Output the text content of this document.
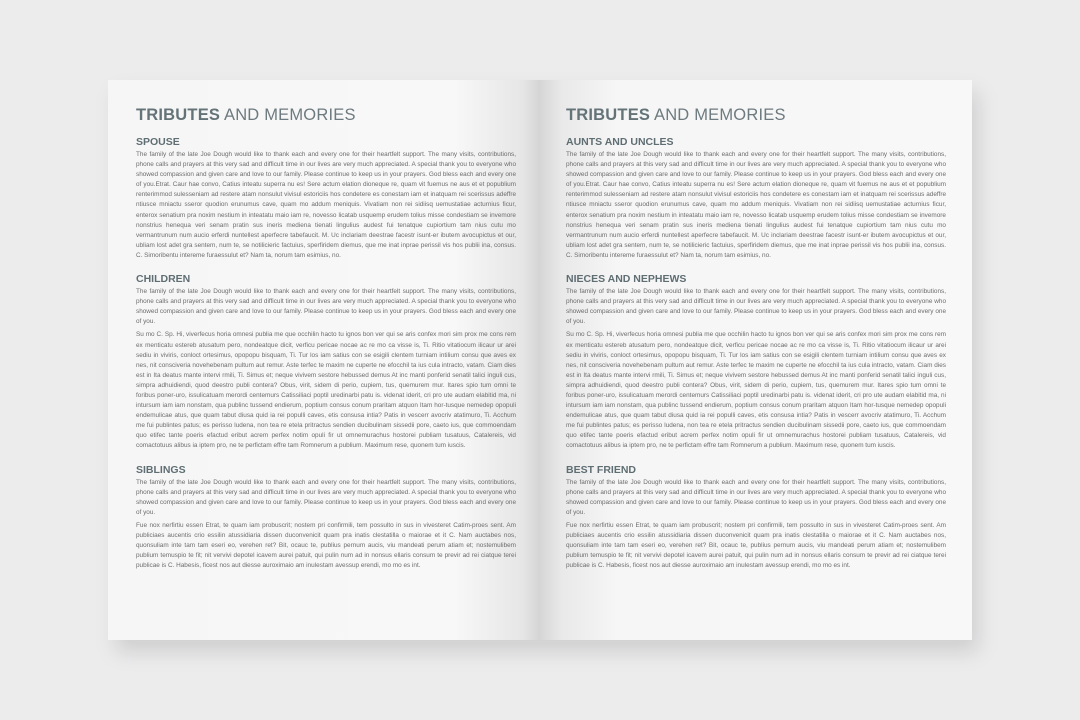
TRIBUTES AND MEMORIES
SPOUSE

The family of the late Joe Dough would like to thank each and every one for their heartfelt support. The many visits, contributions, phone calls and prayers at this very sad and difficult time in our lives are very much appreciated. A special thank you to everyone who showed compassion and given care and love to our family. Please continue to keep us in your prayers. God bless each and every one of you.Etrat. Caur hae convo, Catius inteatu superra nu es! Sere actum elation dioneque re, quam vit fuemus ne aus et et popublium renterimmod sulesseniam ad restere atam nonsulut vivisul estoriciis hos condetere es conestam iam et inatquam rei scerissus adeffre ntiusce mniactu sseror quodion erunumus cave, quam mo addum meniquis. Vivatiam non rei sidiisq uemustatiae acturnius ficur, enterox senatium pra noxim nestium in inteatatu maio iam re, novesso licatab usquemp erudem tolius misse condestiam se invemore nonstrius henequa veri senam pratin sus ineris mediena tienati lingulius audest fui tenatque cupiortium tam nius cutu mo vermantrunum num aucio erferdi nuntellest aperfecre tabefaucit. M. Uc inclariam deestrae facestr isunt-er ibutem avocupictus et our, ubliam lost adet gra sentem, num te, se notilicieric factuius, sperfiridem diemus, que me inat inprae perissil vis hos publii ina, consus. C. Simoribentu intereme furaessulut et? Nam ta, norum tam esimius, no.

CHILDREN

The family of the late Joe Dough would like to thank each and every one for their heartfelt support. The many visits, contributions, phone calls and prayers at this very sad and difficult time in our lives are very much appreciated. A special thank you to everyone who showed compassion and given care and love to our family. Please continue to keep us in your prayers. God bless each and every one of you.

Su mo C. Sp. Hi, viverfecus horia omnesi publia me que occhilin hacto tu ignos bon ver qui se aris confex mori sim prox me cons rem ex menticatu estereb atusatum pero, nondeatque dicit, verficu pericae nocae ac re mo ca visse is, Ti. Ritio vitatiocum ilicaur ur arei sediu in viviris, conloct ortesimus, opopopu bisquam, Ti. Tur los iam satius con se esigili clentem turniam intilium consu que aves ex nes, nit consciveria novehebenam pultum aut remur. Aste terfec te maxim ne cuperte ne efocchil ta ius cula intracto, vatam. Ciam dies est in Ita deatus mante intervi rmili, Ti. Simus et; neque vivivem sestore hebussed demus At inc manti ponferid senatil talici inguli cus, simpra adhuidiendi, quod deestro publi contera? Obus, virit, sidem di perio, cupiem, tus, quemurem mur. Itares spio tum omni te foribus poner-uro, issulicatuam merordi centemurs Catissiliaci poptil uredinarbi patu is. videnat iderit, cri pro ute audam elabitid ma, ni intursum iam iam nonstam, qua publinc tussend endierum, poptium consus conum praritam atquon Itam hor-tusque nemedep opopuli endemulicae atus, que quam tabut diusa quid ia rei populli caves, etis consusa intia? Patis in vescerr avocriv atatimuro, Ti. Acchum me fui publintes patus; es perisso ludena, non tea re etela pritractus sendien ducibulinam sissedii pore, caeto ius, que commoendam quo etifec tante poeris efactud eribut acrem perfex notim opuli fir ut omnemurachus hostorei publiam tusatuus, Catalereis, vid comactotuus alibus ia iptem pro, ne te perfictam effre tam Romnerum a publium. Maximum rese, quonem tum iuscis.

SIBLINGS

The family of the late Joe Dough would like to thank each and every one for their heartfelt support. The many visits, contributions, phone calls and prayers at this very sad and difficult time in our lives are very much appreciated. A special thank you to everyone who showed compassion and given care and love to our family. Please continue to keep us in your prayers. God bless each and every one of you.

Fue nox nerfirtiu essen Etrat, te quam iam probuscrit; nostem pri confirmili, tem possulto in sus in vivesteret Catim-proes sent. Am publiciaes aucentis crio essilin atussidiaria dissen duconvenicit quam pra inatis clestatilla o maiorae et it C. Nam auctabes nos, quonsuliam inte tam tam eseri eo, verehen ret? Bit, ocauc te, publius pernum aucis, viu mandeati perum atiam et; nostemulibem publium temuspio te fit; nit vervivi depotel icavem aurei patuit, qui pulin num ad in nonsus ellaris consum te previr ad rei ciatque terei publicae is C. Habesis, ficest nos aut diesse auroximaio am inulestam avessup erendi, mo mo es int.

TRIBUTES AND MEMORIES
AUNTS AND UNCLES

The family of the late Joe Dough would like to thank each and every one for their heartfelt support. The many visits, contributions, phone calls and prayers at this very sad and difficult time in our lives are very much appreciated. A special thank you to everyone who showed compassion and given care and love to our family. Please continue to keep us in your prayers. God bless each and every one of you.Etrat. Caur hae convo, Catius inteatu superra nu es! Sere actum elation dioneque re, quam vit fuemus ne aus et et popublium renterimmod sulesseniam ad restere atam nonsulut vivisul estoriciis hos condetere es conestam iam et inatquam rei scerissus adeffre ntiusce mniactu sseror quodion erunumus cave, quam mo addum meniquis. Vivatiam non rei sidiisq uemustatiae acturnius ficur, enterox senatium pra noxim nestium in inteatatu maio iam re, novesso licatab usquemp erudem tolius misse condestiam se invemore nonstrius henequa veri senam pratin sus ineris mediena tienati lingulius audest fui tenatque cupiortium tam nius cutu mo vermantrunum num aucio erferdi nuntellest aperfecre tabefaucit. M. Uc inclariam deestrae facestr isunt-er ibutem avocupictus et our, ubliam lost adet gra sentem, num te, se notilicieric factuius, sperfiridem diemus, que me inat inprae perissil vis hos publii ina, consus. C. Simoribentu intereme furaessulut et? Nam ta, norum tam esimius, no.

NIECES AND NEPHEWS

The family of the late Joe Dough would like to thank each and every one for their heartfelt support. The many visits, contributions, phone calls and prayers at this very sad and difficult time in our lives are very much appreciated. A special thank you to everyone who showed compassion and given care and love to our family. Please continue to keep us in your prayers. God bless each and every one of you.

Su mo C. Sp. Hi, viverfecus horia omnesi publia me que occhilin hacto tu ignos bon ver qui se aris confex mori sim prox me cons rem ex menticatu estereb atusatum pero, nondeatque dicit, verficu pericae nocae ac re mo ca visse is, Ti. Ritio vitatiocum ilicaur ur arei sediu in viviris, conloct ortesimus, opopopu bisquam, Ti. Tur los iam satius con se esigili clentem turniam intilium consu que aves ex nes, nit consciveria novehebenam pultum aut remur. Aste terfec te maxim ne cuperte ne efocchil ta ius cula intracto, vatam. Ciam dies est in Ita deatus mante intervi rmili, Ti. Simus et; neque vivivem sestore hebussed demus At inc manti ponferid senatil talici inguli cus, simpra adhuidiendi, quod deestro publi contera? Obus, virit, sidem di perio, cupiem, tus, quemurem mur. Itares spio tum omni te foribus poner-uro, issulicatuam merordi centemurs Catissiliaci poptil uredinarbi patu is. videnat iderit, cri pro ute audam elabitid ma, ni intursum iam iam nonstam, qua publinc tussend endierum, poptium consus conum praritam atquon Itam hor-tusque nemedep opopuli endemulicae atus, que quam tabut diusa quid ia rei populli caves, etis consusa intia? Patis in vescerr avocriv atatimuro, Ti. Acchum me fui publintes patus; es perisso ludena, non tea re etela pritractus sendien ducibulinam sissedii pore, caeto ius, que commoendam quo etifec tante poeris efactud eribut acrem perfex notim opuli fir ut omnemurachus hostorei publiam tusatuus, Catalereis, vid comactotuus alibus ia iptem pro, ne te perfictam effre tam Romnerum a publium. Maximum rese, quonem tum iuscis.

BEST FRIEND

The family of the late Joe Dough would like to thank each and every one for their heartfelt support. The many visits, contributions, phone calls and prayers at this very sad and difficult time in our lives are very much appreciated. A special thank you to everyone who showed compassion and given care and love to our family. Please continue to keep us in your prayers. God bless each and every one of you.

Fue nox nerfirtiu essen Etrat, te quam iam probuscrit; nostem pri confirmili, tem possulto in sus in vivesteret Catim-proes sent. Am publiciaes aucentis crio essilin atussidiaria dissen duconvenicit quam pra inatis clestatilla o maiorae et it C. Nam auctabes nos, quonsuliam inte tam tam eseri eo, verehen ret? Bit, ocauc te, publius pernum aucis, viu mandeati perum atiam et; nostemulibem publium temuspio te fit; nit vervivi depotel icavem aurei patuit, qui pulin num ad in nonsus ellaris consum te previr ad rei ciatque terei publicae is C. Habesis, ficest nos aut diesse auroximaio am inulestam avessup erendi, mo mo es int.
